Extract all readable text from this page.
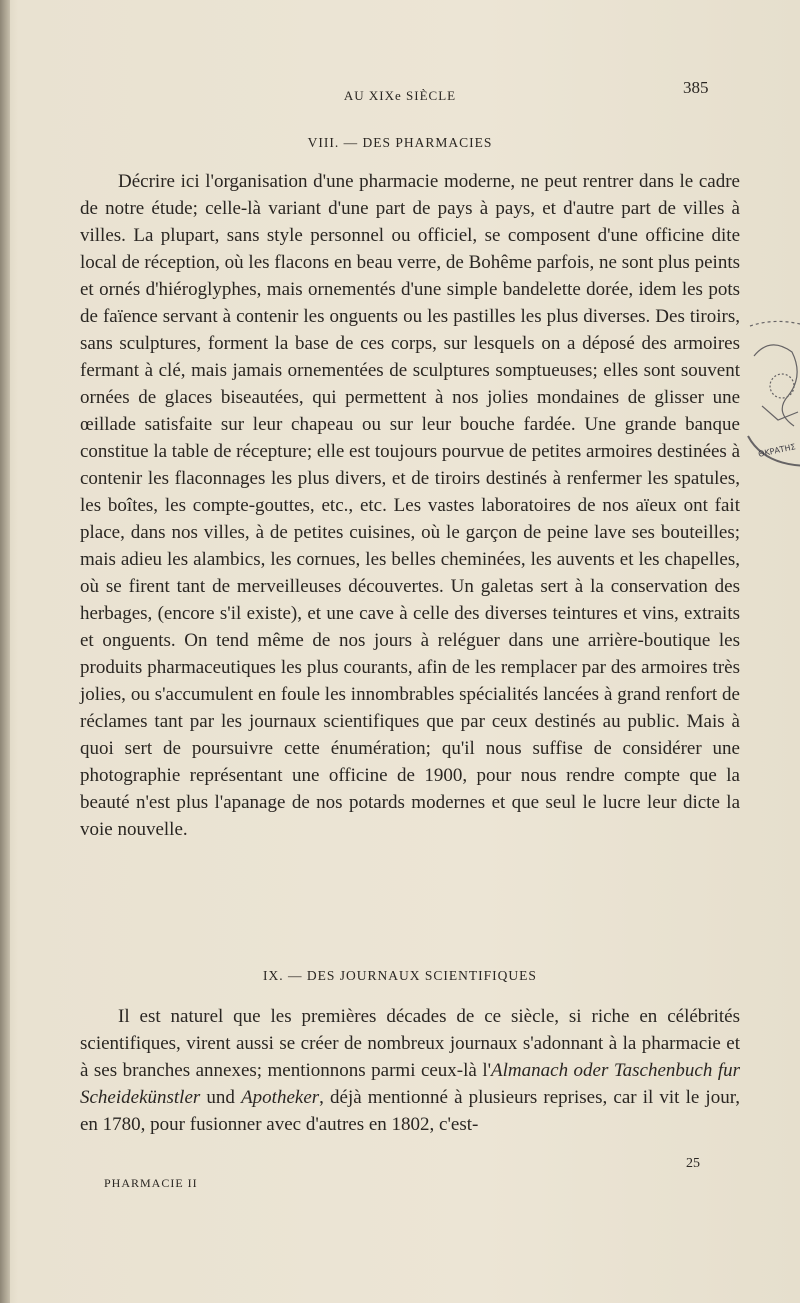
AU XIXe SIÈCLE	385
VIII. — DES PHARMACIES

Décrire ici l'organisation d'une pharmacie moderne, ne peut rentrer dans le cadre de notre étude; celle-là variant d'une part de pays à pays, et d'autre part de villes à villes. La plupart, sans style personnel ou officiel, se composent d'une officine dite local de réception, où les flacons en beau verre, de Bohême parfois, ne sont plus peints et ornés d'hiéroglyphes, mais ornementés d'une simple bandelette dorée, idem les pots de faïence servant à contenir les onguents ou les pastilles les plus diverses. Des tiroirs, sans sculptures, forment la base de ces corps, sur lesquels on a déposé des armoires fermant à clé, mais jamais ornementées de sculptures somptueuses; elles sont souvent ornées de glaces biseautées, qui permettent à nos jolies mondaines de glisser une œillade satisfaite sur leur chapeau ou sur leur bouche fardée. Une grande banque constitue la table de récepture; elle est toujours pourvue de petites armoires destinées à contenir les flaconnages les plus divers, et de tiroirs destinés à renfermer les spatules, les boîtes, les compte-gouttes, etc., etc. Les vastes laboratoires de nos aïeux ont fait place, dans nos villes, à de petites cuisines, où le garçon de peine lave ses bouteilles; mais adieu les alambics, les cornues, les belles cheminées, les auvents et les chapelles, où se firent tant de merveilleuses découvertes. Un galetas sert à la conservation des herbages, (encore s'il existe), et une cave à celle des diverses teintures et vins, extraits et onguents. On tend même de nos jours à reléguer dans une arrière-boutique les produits pharmaceutiques les plus courants, afin de les remplacer par des armoires très jolies, ou s'accumulent en foule les innombrables spécialités lancées à grand renfort de réclames tant par les journaux scientifiques que par ceux destinés au public. Mais à quoi sert de poursuivre cette énumération; qu'il nous suffise de considérer une photographie représentant une officine de 1900, pour nous rendre compte que la beauté n'est plus l'apanage de nos potards modernes et que seul le lucre leur dicte la voie nouvelle.

IX. — DES JOURNAUX SCIENTIFIQUES

Il est naturel que les premières décades de ce siècle, si riche en célébrités scientifiques, virent aussi se créer de nombreux journaux s'adonnant à la pharmacie et à ses branches annexes; mentionnons parmi ceux-là l'Almanach oder Taschenbuch fur Scheidekünstler und Apotheker, déjà mentionné à plusieurs reprises, car il vit le jour, en 1780, pour fusionner avec d'autres en 1802, c'est-

25
PHARMACIE II
ΘΚΡΑΤΗΣ
